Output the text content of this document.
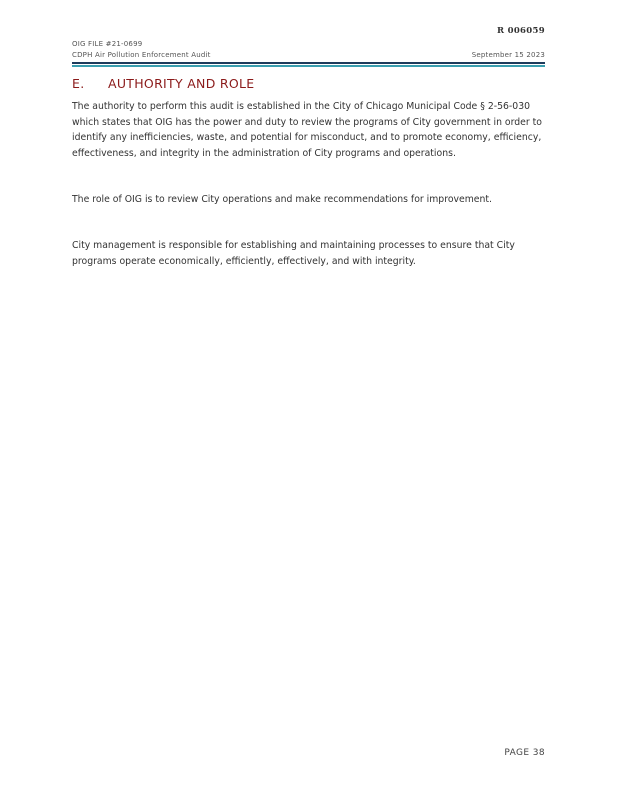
R 006059
OIG FILE #21-0699
CDPH Air Pollution Enforcement Audit	September 15 2023
E. AUTHORITY AND ROLE

The authority to perform this audit is established in the City of Chicago Municipal Code § 2-56-030 which states that OIG has the power and duty to review the programs of City government in order to identify any inefficiencies, waste, and potential for misconduct, and to promote economy, efficiency, effectiveness, and integrity in the administration of City programs and operations.

The role of OIG is to review City operations and make recommendations for improvement.

City management is responsible for establishing and maintaining processes to ensure that City programs operate economically, efficiently, effectively, and with integrity.

PAGE 38
